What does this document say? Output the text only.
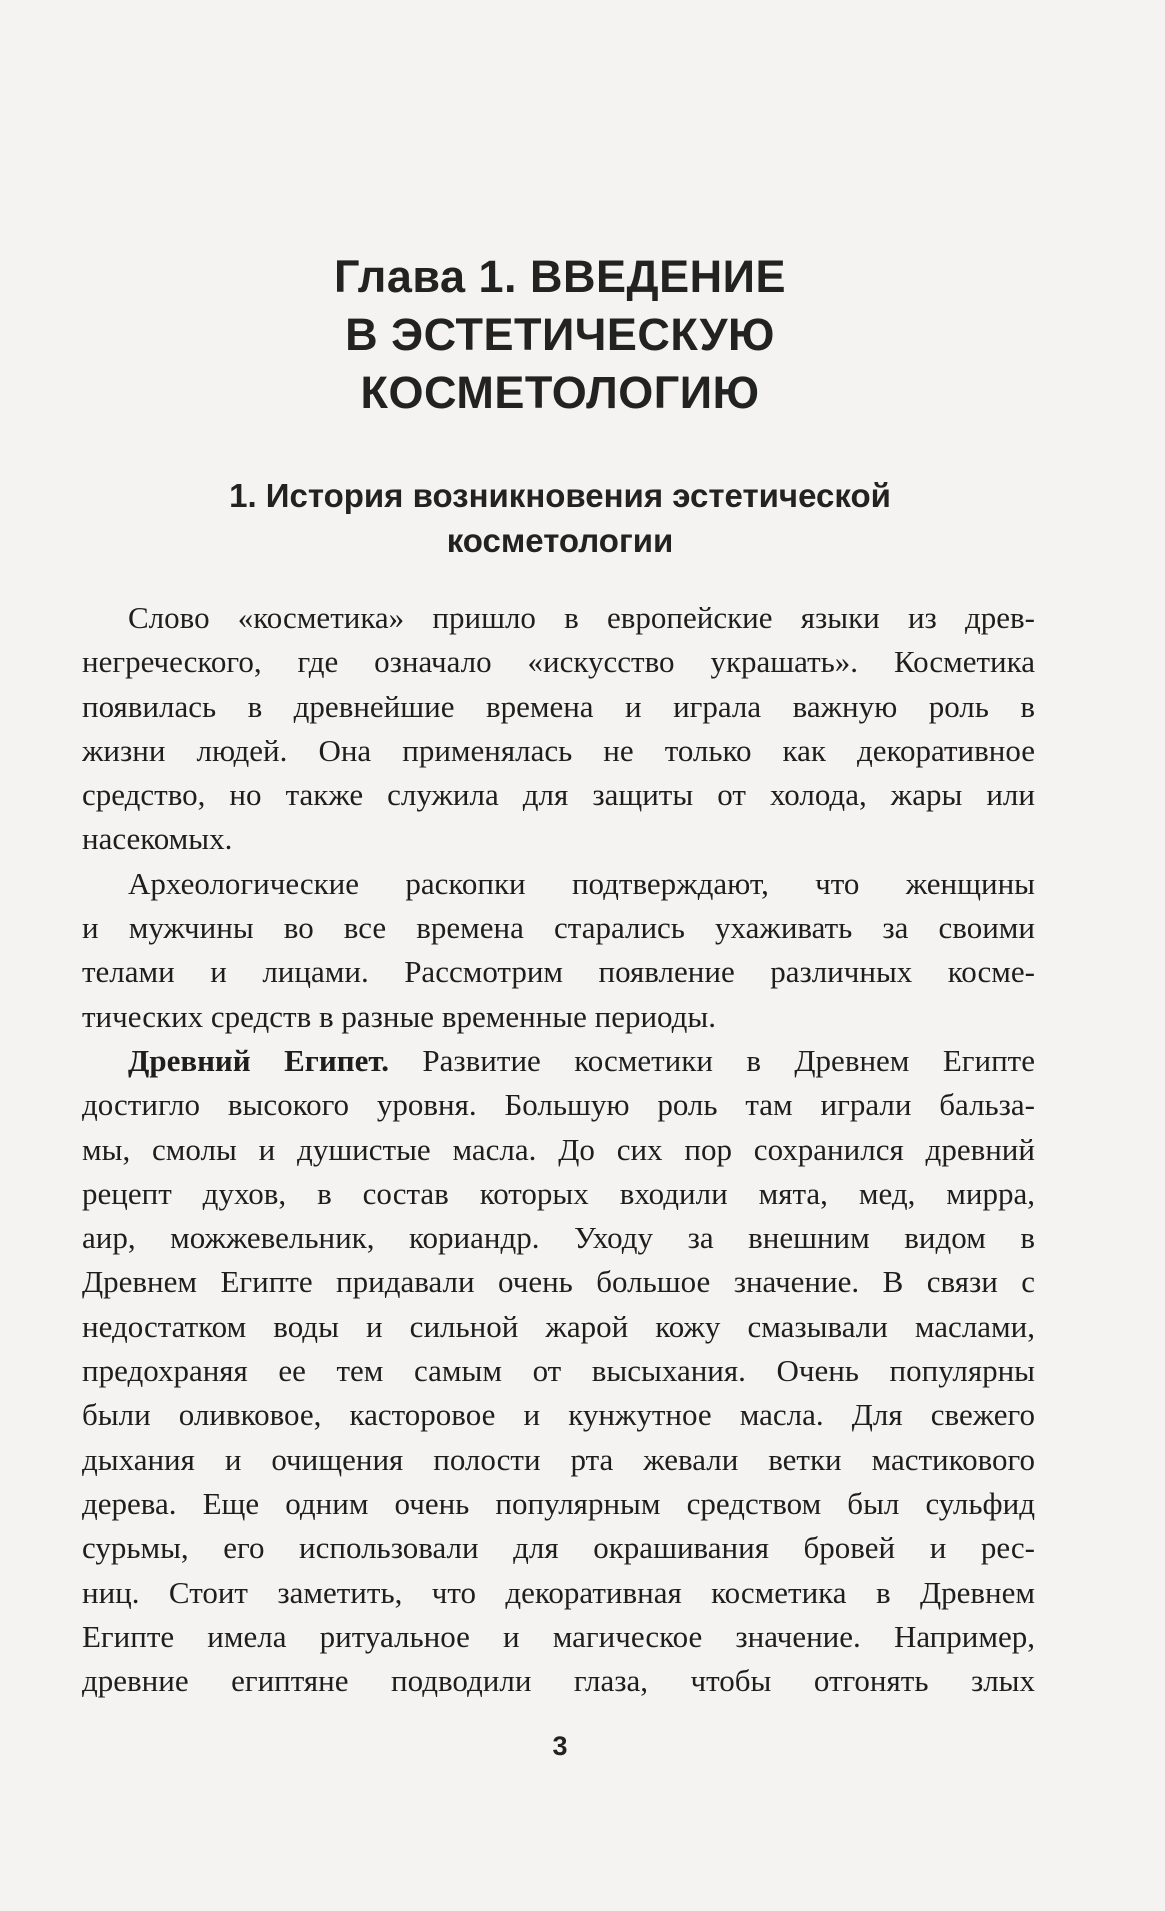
Глава 1. ВВЕДЕНИЕ
В ЭСТЕТИЧЕСКУЮ
КОСМЕТОЛОГИЮ
1. История возникновения эстетической
косметологии
Слово «косметика» пришло в европейские языки из древ-
негреческого, где означало «искусство украшать». Косметика
появилась в древнейшие времена и играла важную роль в
жизни людей. Она применялась не только как декоративное
средство, но также служила для защиты от холода, жары или
насекомых.
Археологические раскопки подтверждают, что женщины
и мужчины во все времена старались ухаживать за своими
телами и лицами. Рассмотрим появление различных косме-
тических средств в разные временные периоды.
Древний Египет. Развитие косметики в Древнем Египте
достигло высокого уровня. Большую роль там играли бальза-
мы, смолы и душистые масла. До сих пор сохранился древний
рецепт духов, в состав которых входили мята, мед, мирра,
аир, можжевельник, кориандр. Уходу за внешним видом в
Древнем Египте придавали очень большое значение. В связи с
недостатком воды и сильной жарой кожу смазывали маслами,
предохраняя ее тем самым от высыхания. Очень популярны
были оливковое, касторовое и кунжутное масла. Для свежего
дыхания и очищения полости рта жевали ветки мастикового
дерева. Еще одним очень популярным средством был сульфид
сурьмы, его использовали для окрашивания бровей и рес-
ниц. Стоит заметить, что декоративная косметика в Древнем
Египте имела ритуальное и магическое значение. Например,
древние египтяне подводили глаза, чтобы отгонять злых
3
